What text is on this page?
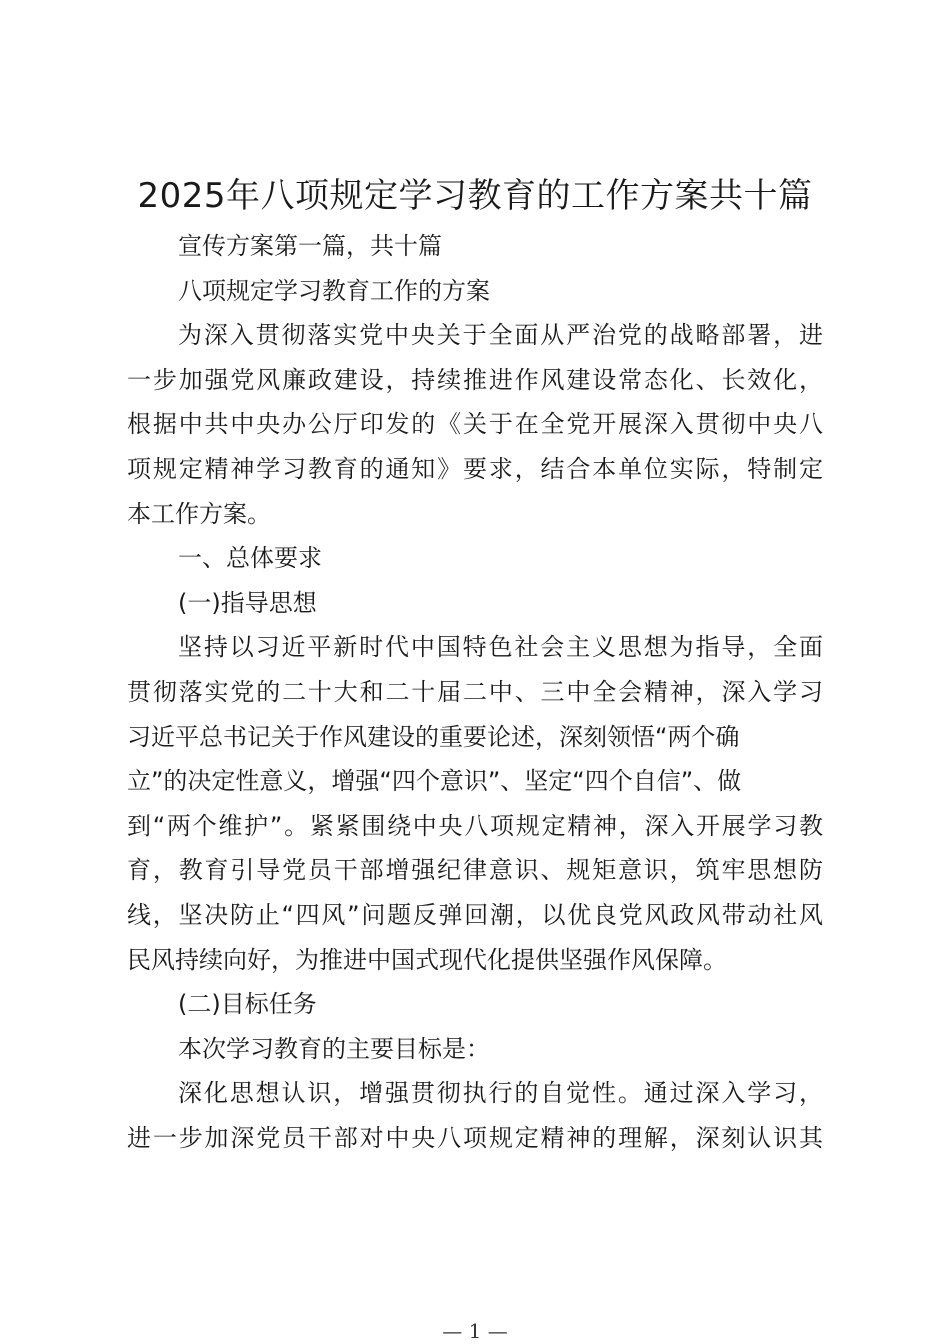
2025年八项规定学习教育的工作方案共十篇
宣传方案第一篇，共十篇
八项规定学习教育工作的方案
为深入贯彻落实党中央关于全面从严治党的战略部署，进
一步加强党风廉政建设，持续推进作风建设常态化、长效化，
根据中共中央办公厅印发的《关于在全党开展深入贯彻中央八
项规定精神学习教育的通知》要求，结合本单位实际，特制定
本工作方案。
一、总体要求
(一)指导思想
坚持以习近平新时代中国特色社会主义思想为指导，全面
贯彻落实党的二十大和二十届二中、三中全会精神，深入学习
习近平总书记关于作风建设的重要论述，深刻领悟“两个确
立”的决定性意义，增强“四个意识”、坚定“四个自信”、做
到“两个维护”。紧紧围绕中央八项规定精神，深入开展学习教
育，教育引导党员干部增强纪律意识、规矩意识，筑牢思想防
线，坚决防止“四风”问题反弹回潮，以优良党风政风带动社风
民风持续向好，为推进中国式现代化提供坚强作风保障。
(二)目标任务
本次学习教育的主要目标是：
深化思想认识，增强贯彻执行的自觉性。通过深入学习，
进一步加深党员干部对中央八项规定精神的理解，深刻认识其
— 1 —
